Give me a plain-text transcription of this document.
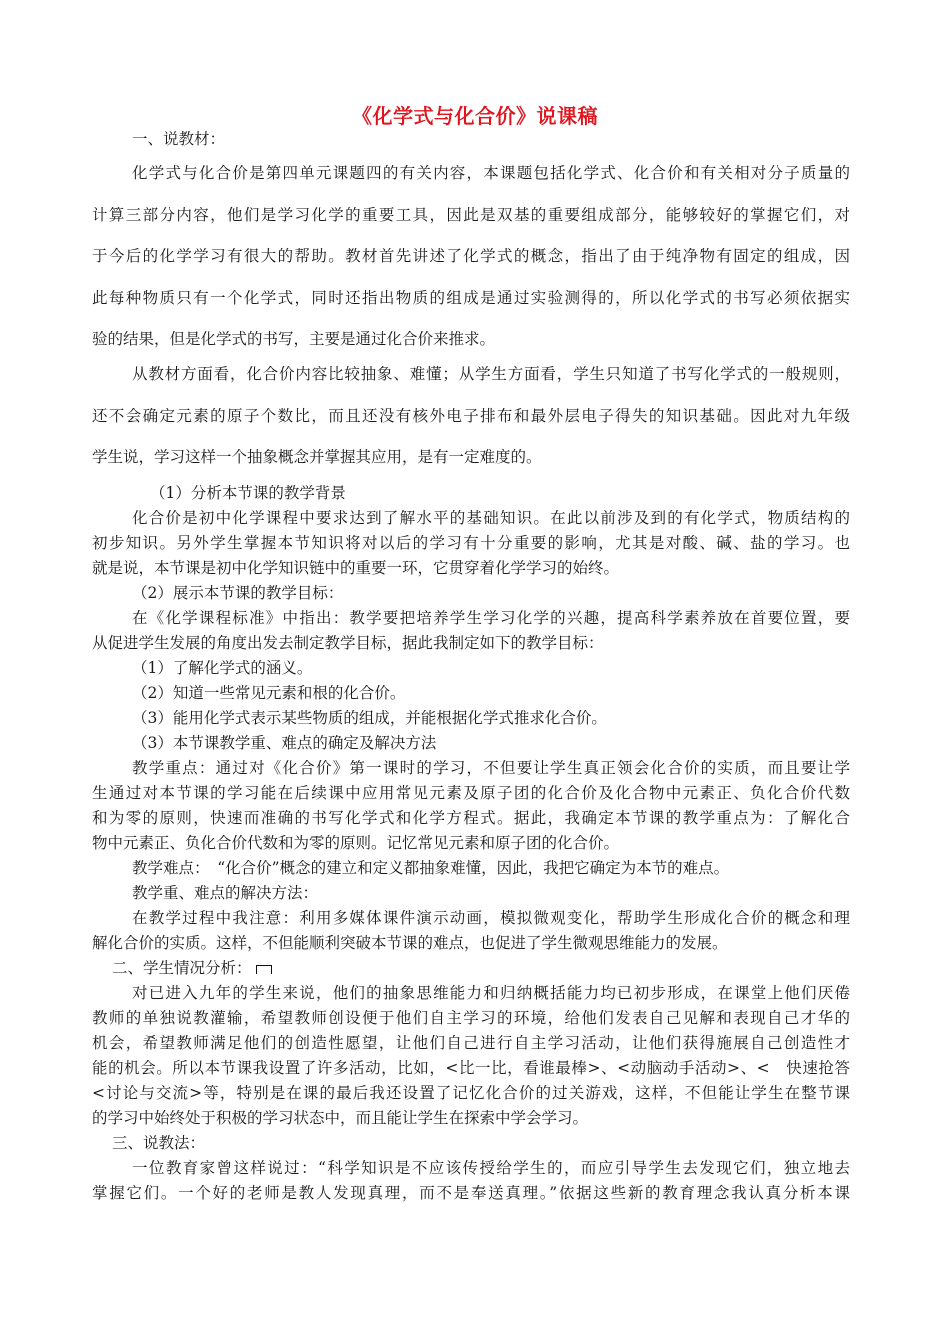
《化学式与化合价》说课稿
一、说教材：
化学式与化合价是第四单元课题四的有关内容，本课题包括化学式、化合价和有关相对分子质量的
计算三部分内容，他们是学习化学的重要工具，因此是双基的重要组成部分，能够较好的掌握它们，对
于今后的化学学习有很大的帮助。教材首先讲述了化学式的概念，指出了由于纯净物有固定的组成，因
此每种物质只有一个化学式，同时还指出物质的组成是通过实验测得的，所以化学式的书写必须依据实
验的结果，但是化学式的书写，主要是通过化合价来推求。
从教材方面看，化合价内容比较抽象、难懂；从学生方面看，学生只知道了书写化学式的一般规则，
还不会确定元素的原子个数比，而且还没有核外电子排布和最外层电子得失的知识基础。因此对九年级
学生说，学习这样一个抽象概念并掌握其应用，是有一定难度的。
（1）分析本节课的教学背景
化合价是初中化学课程中要求达到了解水平的基础知识。在此以前涉及到的有化学式，物质结构的
初步知识。另外学生掌握本节知识将对以后的学习有十分重要的影响，尤其是对酸、碱、盐的学习。也
就是说，本节课是初中化学知识链中的重要一环，它贯穿着化学学习的始终。
（2）展示本节课的教学目标：
在《化学课程标准》中指出：教学要把培养学生学习化学的兴趣，提高科学素养放在首要位置，要
从促进学生发展的角度出发去制定教学目标，据此我制定如下的教学目标：
（1）了解化学式的涵义。
（2）知道一些常见元素和根的化合价。
（3）能用化学式表示某些物质的组成，并能根据化学式推求化合价。
（3）本节课教学重、难点的确定及解决方法
教学重点：通过对《化合价》第一课时的学习，不但要让学生真正领会化合价的实质，而且要让学
生通过对本节课的学习能在后续课中应用常见元素及原子团的化合价及化合物中元素正、负化合价代数
和为零的原则，快速而准确的书写化学式和化学方程式。据此，我确定本节课的教学重点为：了解化合
物中元素正、负化合价代数和为零的原则。记忆常见元素和原子团的化合价。
教学难点：　“化合价”概念的建立和定义都抽象难懂，因此，我把它确定为本节的难点。
教学重、难点的解决方法：
在教学过程中我注意：利用多媒体课件演示动画，模拟微观变化，帮助学生形成化合价的概念和理
解化合价的实质。这样，不但能顺利突破本节课的难点，也促进了学生微观思维能力的发展。
二、学生情况分析：
对已进入九年的学生来说，他们的抽象思维能力和归纳概括能力均已初步形成，在课堂上他们厌倦
教师的单独说教灌输，希望教师创设便于他们自主学习的环境，给他们发表自己见解和表现自己才华的
机会，希望教师满足他们的创造性愿望，让他们自己进行自主学习活动，让他们获得施展自己创造性才
能的机会。所以本节课我设置了许多活动，比如，<比一比，看谁最棒>、<动脑动手活动>、<　快速抢答
<讨论与交流>等，特别是在课的最后我还设置了记忆化合价的过关游戏，这样，不但能让学生在整节课
的学习中始终处于积极的学习状态中，而且能让学生在探索中学会学习。
三、说教法：
一位教育家曾这样说过：“科学知识是不应该传授给学生的，而应引导学生去发现它们，独立地去
掌握它们。一个好的老师是教人发现真理，而不是奉送真理。”依据这些新的教育理念我认真分析本课
